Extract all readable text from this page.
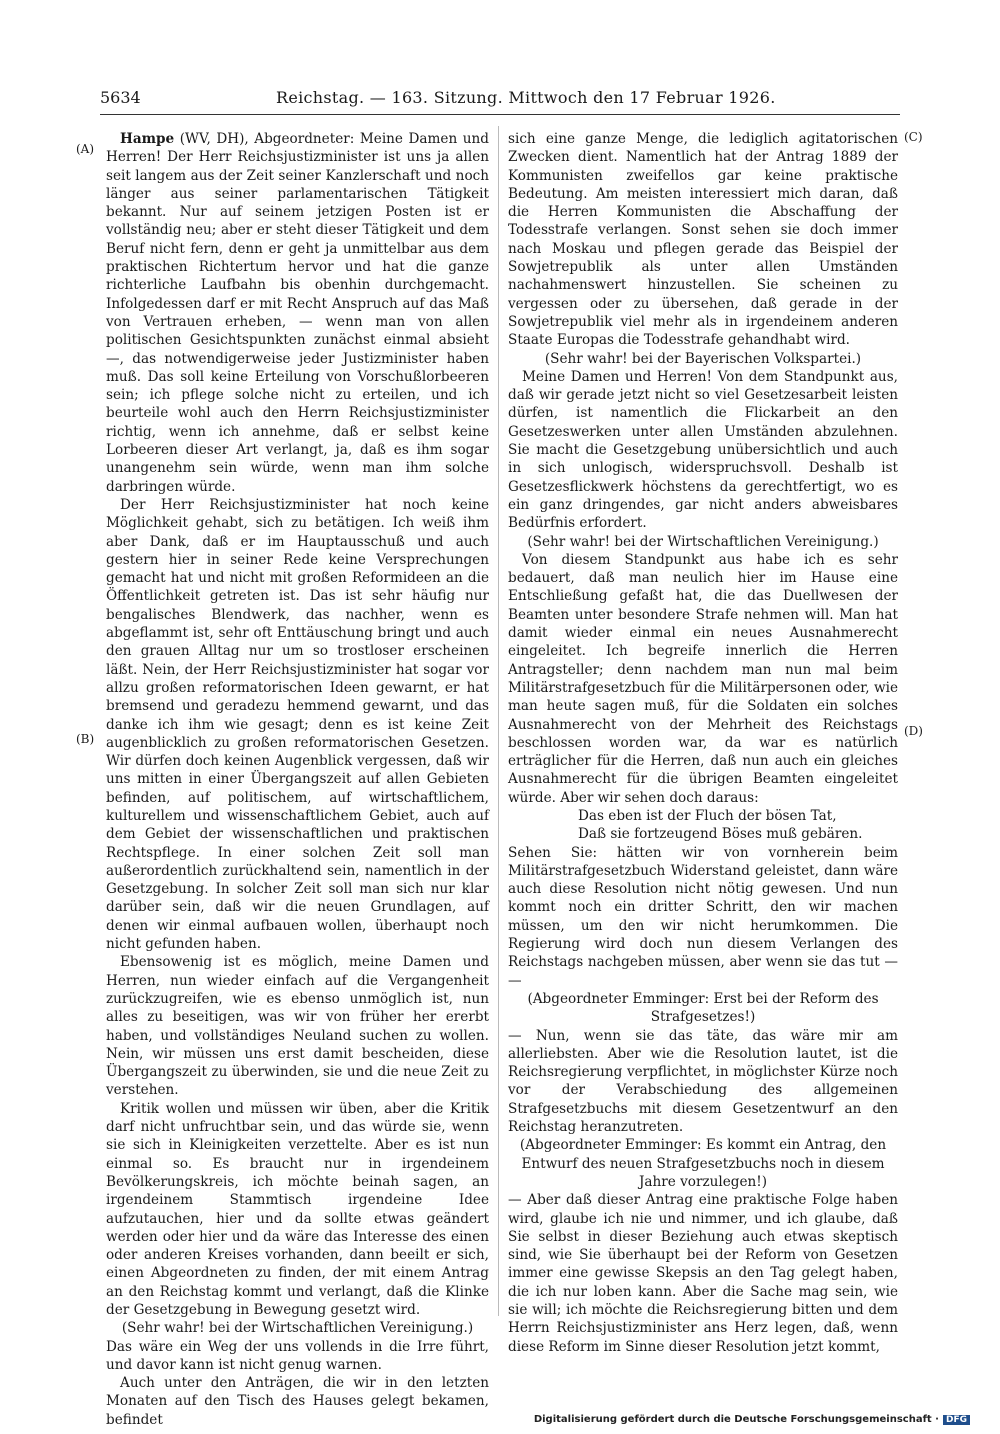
5634	Reichstag. — 163. Sitzung. Mittwoch den 17 Februar 1926.
(A)
(B)
(C)
(D)

Hampe (WV, DH), Abgeordneter: Meine Damen und Herren! Der Herr Reichsjustizminister ist uns ja allen seit langem aus der Zeit seiner Kanzlerschaft und noch länger aus seiner parlamentarischen Tätigkeit bekannt. Nur auf seinem jetzigen Posten ist er vollständig neu; aber er steht dieser Tätigkeit und dem Beruf nicht fern, denn er geht ja unmittelbar aus dem praktischen Richtertum hervor und hat die ganze richterliche Laufbahn bis obenhin durchgemacht. Infolgedessen darf er mit Recht Anspruch auf das Maß von Vertrauen erheben, — wenn man von allen politischen Gesichtspunkten zunächst einmal absieht —, das notwendigerweise jeder Justizminister haben muß. Das soll keine Erteilung von Vorschußlorbeeren sein; ich pflege solche nicht zu erteilen, und ich beurteile wohl auch den Herrn Reichsjustizminister richtig, wenn ich annehme, daß er selbst keine Lorbeeren dieser Art verlangt, ja, daß es ihm sogar unangenehm sein würde, wenn man ihm solche darbringen würde.

Der Herr Reichsjustizminister hat noch keine Möglichkeit gehabt, sich zu betätigen. Ich weiß ihm aber Dank, daß er im Hauptausschuß und auch gestern hier in seiner Rede keine Versprechungen gemacht hat und nicht mit großen Reformideen an die Öffentlichkeit getreten ist. Das ist sehr häufig nur bengalisches Blendwerk, das nachher, wenn es abgeflammt ist, sehr oft Enttäuschung bringt und auch den grauen Alltag nur um so trostloser erscheinen läßt. Nein, der Herr Reichsjustizminister hat sogar vor allzu großen reformatorischen Ideen gewarnt, er hat bremsend und geradezu hemmend gewarnt, und das danke ich ihm wie gesagt; denn es ist keine Zeit augenblicklich zu großen reformatorischen Gesetzen. Wir dürfen doch keinen Augenblick vergessen, daß wir uns mitten in einer Übergangszeit auf allen Gebieten befinden, auf politischem, auf wirtschaftlichem, kulturellem und wissenschaftlichem Gebiet, auch auf dem Gebiet der wissenschaftlichen und praktischen Rechtspflege. In einer solchen Zeit soll man außerordentlich zurückhaltend sein, namentlich in der Gesetzgebung. In solcher Zeit soll man sich nur klar darüber sein, daß wir die neuen Grundlagen, auf denen wir einmal aufbauen wollen, überhaupt noch nicht gefunden haben.

Ebensowenig ist es möglich, meine Damen und Herren, nun wieder einfach auf die Vergangenheit zurückzugreifen, wie es ebenso unmöglich ist, nun alles zu beseitigen, was wir von früher her ererbt haben, und vollständiges Neuland suchen zu wollen. Nein, wir müssen uns erst damit bescheiden, diese Übergangszeit zu überwinden, sie und die neue Zeit zu verstehen.

Kritik wollen und müssen wir üben, aber die Kritik darf nicht unfruchtbar sein, und das würde sie, wenn sie sich in Kleinigkeiten verzettelte. Aber es ist nun einmal so. Es braucht nur in irgendeinem Bevölkerungskreis, ich möchte beinah sagen, an irgendeinem Stammtisch irgendeine Idee aufzutauchen, hier und da sollte etwas geändert werden oder hier und da wäre das Interesse des einen oder anderen Kreises vorhanden, dann beeilt er sich, einen Abgeordneten zu finden, der mit einem Antrag an den Reichstag kommt und verlangt, daß die Klinke der Gesetzgebung in Bewegung gesetzt wird.

(Sehr wahr! bei der Wirtschaftlichen Vereinigung.)

Das wäre ein Weg der uns vollends in die Irre führt, und davor kann ist nicht genug warnen.

Auch unter den Anträgen, die wir in den letzten Monaten auf den Tisch des Hauses gelegt bekamen, befindet

sich eine ganze Menge, die lediglich agitatorischen Zwecken dient. Namentlich hat der Antrag 1889 der Kommunisten zweifellos gar keine praktische Bedeutung. Am meisten interessiert mich daran, daß die Herren Kommunisten die Abschaffung der Todesstrafe verlangen. Sonst sehen sie doch immer nach Moskau und pflegen gerade das Beispiel der Sowjetrepublik als unter allen Umständen nachahmenswert hinzustellen. Sie scheinen zu vergessen oder zu übersehen, daß gerade in der Sowjetrepublik viel mehr als in irgendeinem anderen Staate Europas die Todesstrafe gehandhabt wird.

(Sehr wahr! bei der Bayerischen Volkspartei.)

Meine Damen und Herren! Von dem Standpunkt aus, daß wir gerade jetzt nicht so viel Gesetzesarbeit leisten dürfen, ist namentlich die Flickarbeit an den Gesetzeswerken unter allen Umständen abzulehnen. Sie macht die Gesetzgebung unübersichtlich und auch in sich unlogisch, widerspruchsvoll. Deshalb ist Gesetzesflickwerk höchstens da gerechtfertigt, wo es ein ganz dringendes, gar nicht anders abweisbares Bedürfnis erfordert.

(Sehr wahr! bei der Wirtschaftlichen Vereinigung.)

Von diesem Standpunkt aus habe ich es sehr bedauert, daß man neulich hier im Hause eine Entschließung gefaßt hat, die das Duellwesen der Beamten unter besondere Strafe nehmen will. Man hat damit wieder einmal ein neues Ausnahmerecht eingeleitet. Ich begreife innerlich die Herren Antragsteller; denn nachdem man nun mal beim Militärstrafgesetzbuch für die Militärpersonen oder, wie man heute sagen muß, für die Soldaten ein solches Ausnahmerecht von der Mehrheit des Reichstags beschlossen worden war, da war es natürlich erträglicher für die Herren, daß nun auch ein gleiches Ausnahmerecht für die übrigen Beamten eingeleitet würde. Aber wir sehen doch daraus:

Das eben ist der Fluch der bösen Tat,

Daß sie fortzeugend Böses muß gebären.

Sehen Sie: hätten wir von vornherein beim Militärstrafgesetzbuch Widerstand geleistet, dann wäre auch diese Resolution nicht nötig gewesen. Und nun kommt noch ein dritter Schritt, den wir machen müssen, um den wir nicht herumkommen. Die Regierung wird doch nun diesem Verlangen des Reichstags nachgeben müssen, aber wenn sie das tut — —

(Abgeordneter Emminger: Erst bei der Reform des Strafgesetzes!)

— Nun, wenn sie das täte, das wäre mir am allerliebsten. Aber wie die Resolution lautet, ist die Reichsregierung verpflichtet, in möglichster Kürze noch vor der Verabschiedung des allgemeinen Strafgesetzbuchs mit diesem Gesetzentwurf an den Reichstag heranzutreten.

(Abgeordneter Emminger: Es kommt ein Antrag, den Entwurf des neuen Strafgesetzbuchs noch in diesem Jahre vorzulegen!)

— Aber daß dieser Antrag eine praktische Folge haben wird, glaube ich nie und nimmer, und ich glaube, daß Sie selbst in dieser Beziehung auch etwas skeptisch sind, wie Sie überhaupt bei der Reform von Gesetzen immer eine gewisse Skepsis an den Tag gelegt haben, die ich nur loben kann. Aber die Sache mag sein, wie sie will; ich möchte die Reichsregierung bitten und dem Herrn Reichsjustizminister ans Herz legen, daß, wenn diese Reform im Sinne dieser Resolution jetzt kommt,

Digitalisierung gefördert durch die Deutsche Forschungsgemeinschaft · DFG
